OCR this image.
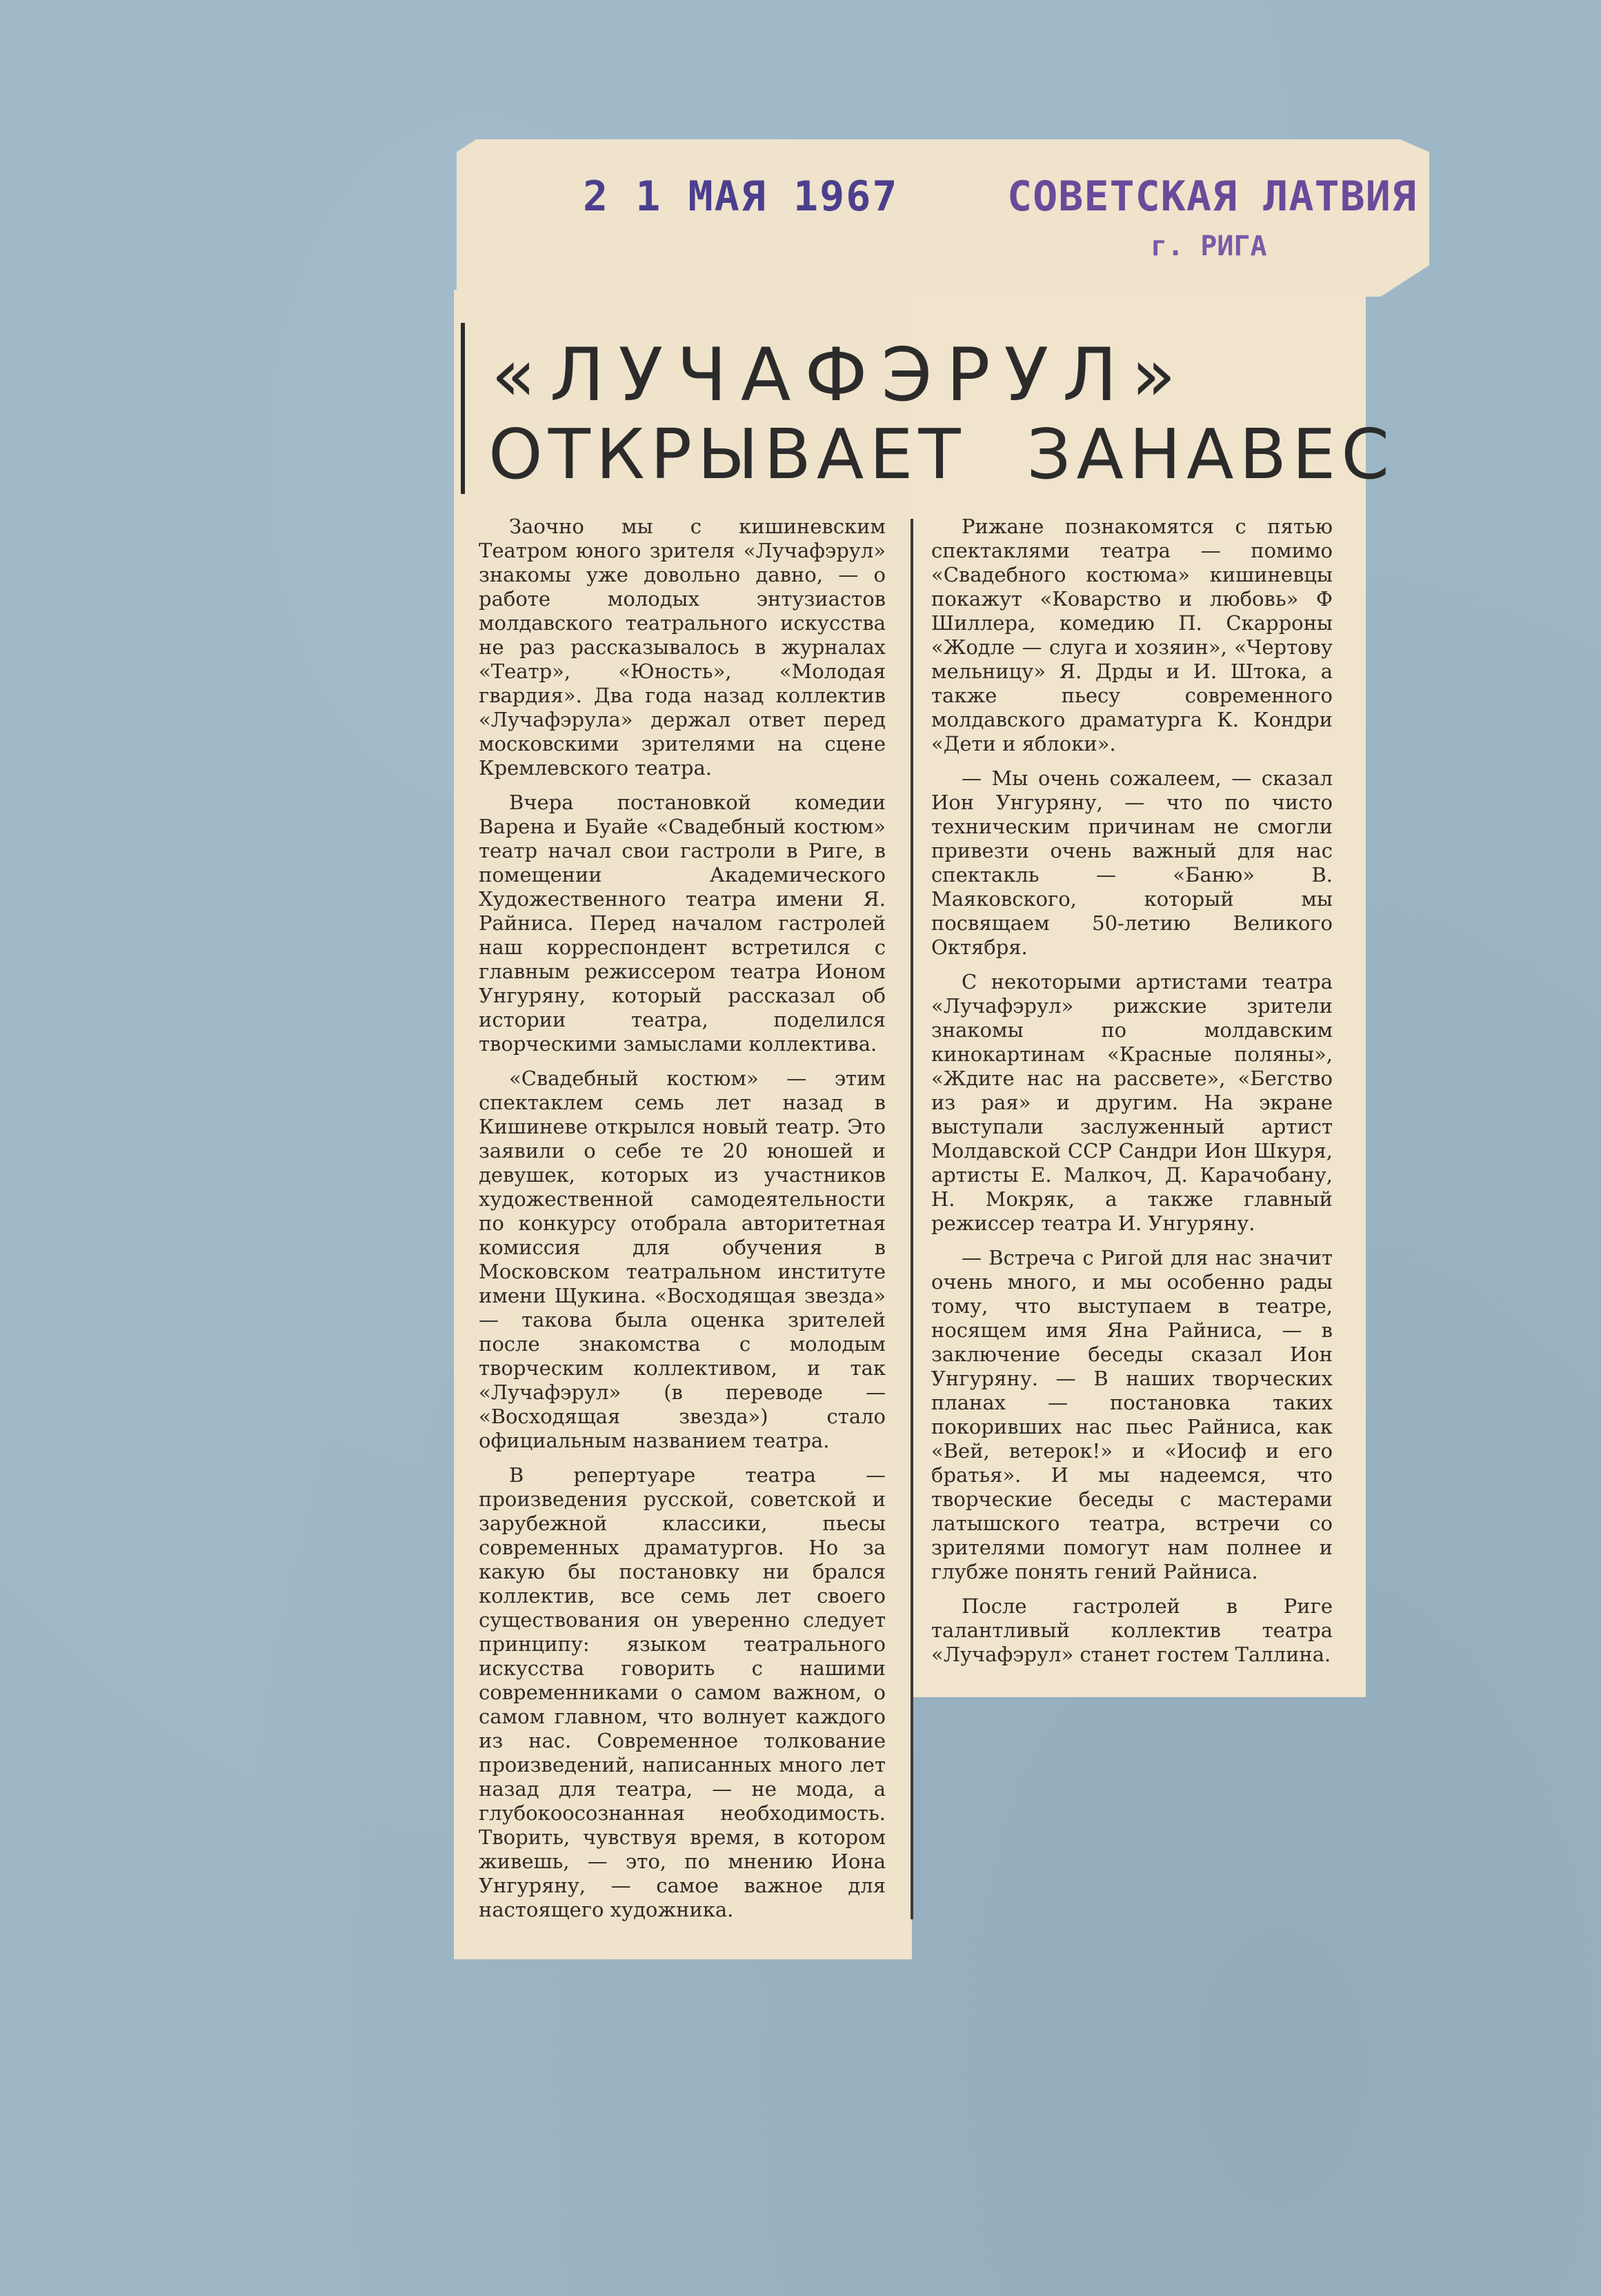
2 1 МАЯ 1967	СОВЕТСКАЯ ЛАТВИЯ
г. РИГА
«ЛУЧАФЭРУЛ»
ОТКРЫВАЕТ ЗАНАВЕС

Заочно мы с кишиневским Театром юного зрителя «Лучафэрул» знакомы уже довольно давно, — о работе молодых энтузиастов молдавского театрального искусства не раз рассказывалось в журналах «Театр», «Юность», «Молодая гвардия». Два года назад коллектив «Лучафэрула» держал ответ перед московскими зрителями на сцене Кремлевского театра.

Вчера постановкой комедии Варена и Буайе «Свадебный костюм» театр начал свои гастроли в Риге, в помещении Академического Художественного театра имени Я. Райниса. Перед началом гастролей наш корреспондент встретился с главным режиссером театра Ионом Унгуряну, который рассказал об истории театра, поделился творческими замыслами коллектива.

«Свадебный костюм» — этим спектаклем семь лет назад в Кишиневе открылся новый театр. Это заявили о себе те 20 юношей и девушек, которых из участников художественной самодеятельности по конкурсу отобрала авторитетная комиссия для обучения в Московском театральном институте имени Щукина. «Восходящая звезда» — такова была оценка зрителей после знакомства с молодым творческим коллективом, и так «Лучафэрул» (в переводе — «Восходящая звезда») стало официальным названием театра.

В репертуаре театра — произведения русской, советской и зарубежной классики, пьесы современных драматургов. Но за какую бы постановку ни брался коллектив, все семь лет своего существования он уверенно следует принципу: языком театрального искусства говорить с нашими современниками о самом важном, о самом главном, что волнует каждого из нас. Современное толкование произведений, написанных много лет назад для театра, — не мода, а глубокоосознанная необходимость. Творить, чувствуя время, в котором живешь, — это, по мнению Иона Унгуряну, — самое важное для настоящего художника.

Рижане познакомятся с пятью спектаклями театра — помимо «Свадебного костюма» кишиневцы покажут «Коварство и любовь» Ф Шиллера, комедию П. Скарроны «Жодле — слуга и хозяин», «Чертову мельницу» Я. Дрды и И. Штока, а также пьесу современного молдавского драматурга К. Кондри «Дети и яблоки».

— Мы очень сожалеем, — сказал Ион Унгуряну, — что по чисто техническим причинам не смогли привезти очень важный для нас спектакль — «Баню» В. Маяковского, который мы посвящаем 50-летию Великого Октября.

С некоторыми артистами театра «Лучафэрул» рижские зрители знакомы по молдавским кинокартинам «Красные поляны», «Ждите нас на рассвете», «Бегство из рая» и другим. На экране выступали заслуженный артист Молдавской ССР Сандри Ион Шкуря, артисты Е. Малкоч, Д. Карачобану, Н. Мокряк, а также главный режиссер театра И. Унгуряну.

— Встреча с Ригой для нас значит очень много, и мы особенно рады тому, что выступаем в театре, носящем имя Яна Райниса, — в заключение беседы сказал Ион Унгуряну. — В наших творческих планах — постановка таких покоривших нас пьес Райниса, как «Вей, ветерок!» и «Иосиф и его братья». И мы надеемся, что творческие беседы с мастерами латышского театра, встречи со зрителями помогут нам полнее и глубже понять гений Райниса.

После гастролей в Риге талантливый коллектив театра «Лучафэрул» станет гостем Таллина.
